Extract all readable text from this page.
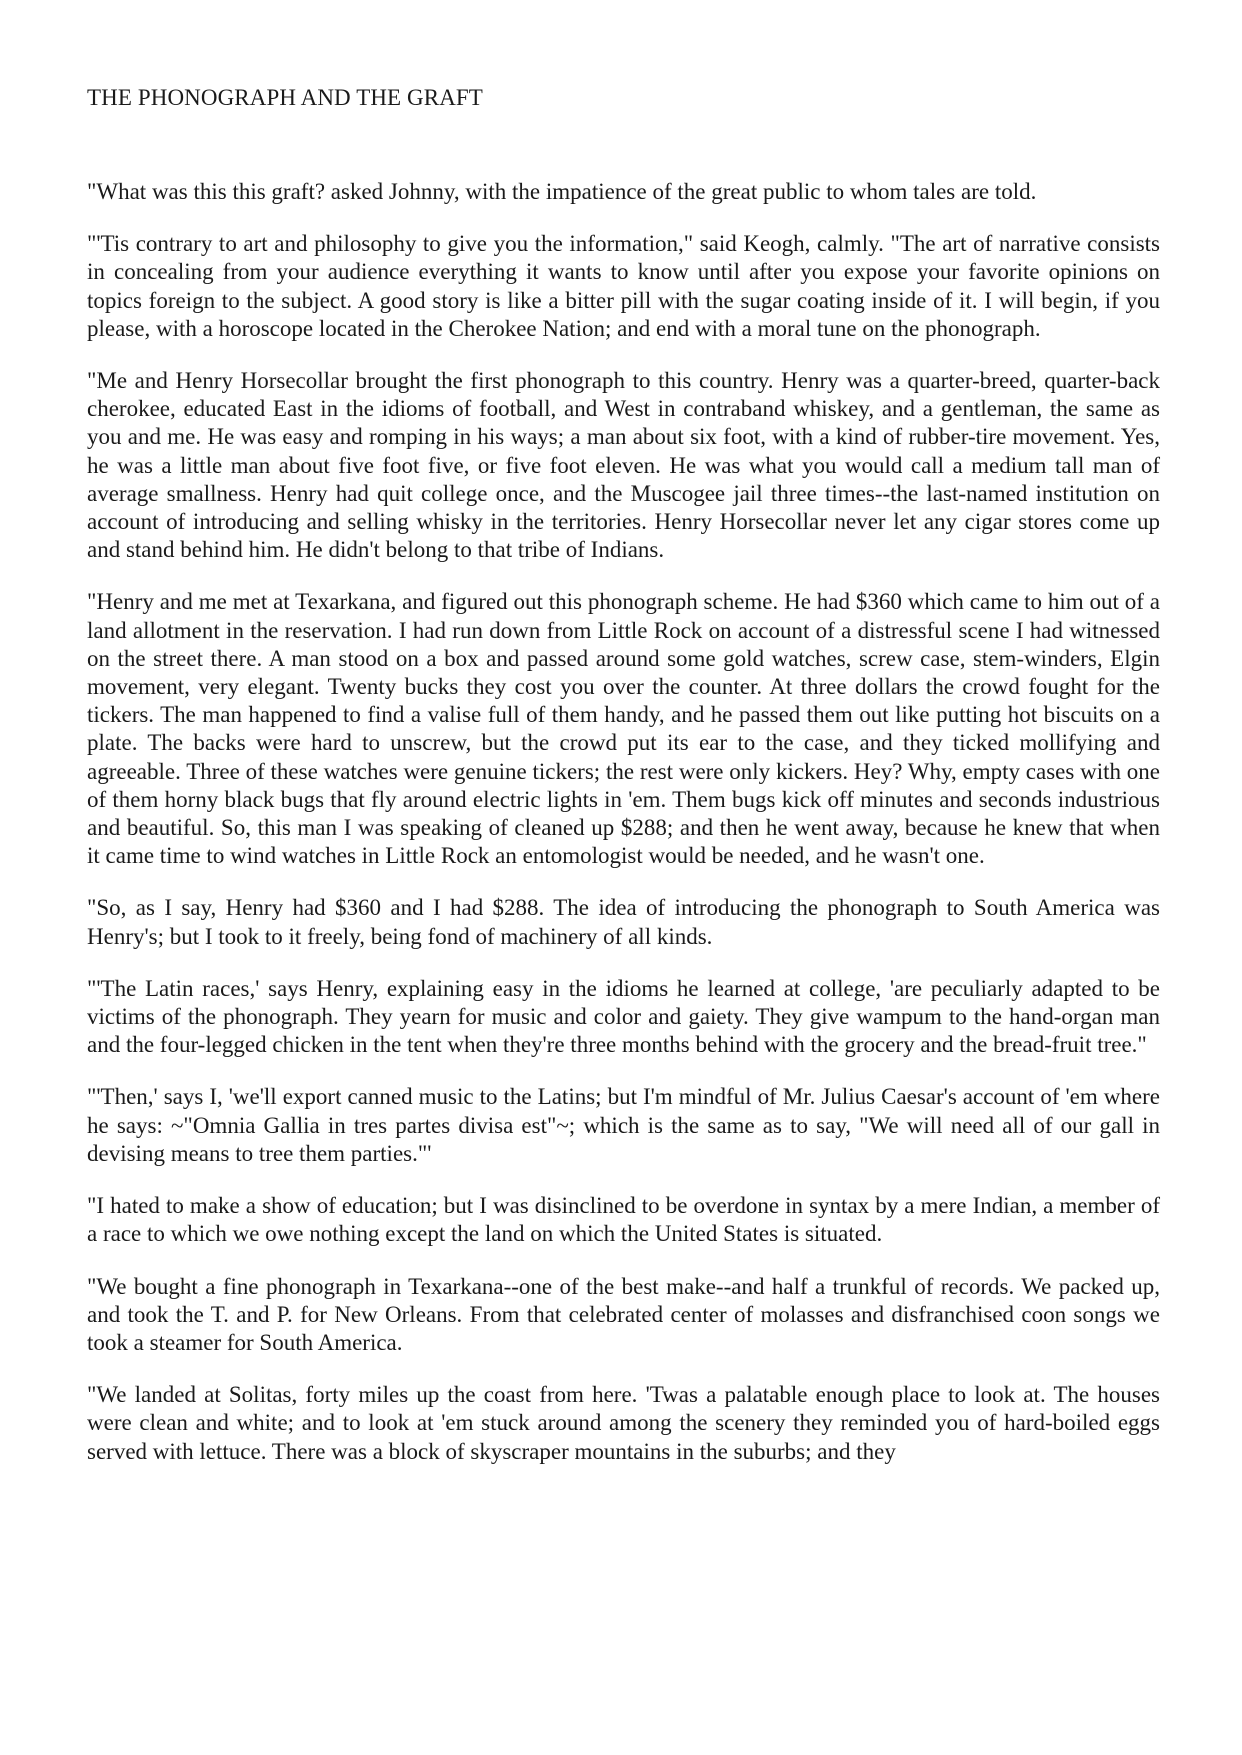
THE PHONOGRAPH AND THE GRAFT

"What was this this graft? asked Johnny, with the impatience of the great public to whom tales are told.

"'Tis contrary to art and philosophy to give you the information," said Keogh, calmly. "The art of narrative consists in concealing from your audience everything it wants to know until after you expose your favorite opinions on topics foreign to the subject. A good story is like a bitter pill with the sugar coating inside of it. I will begin, if you please, with a horoscope located in the Cherokee Nation; and end with a moral tune on the phonograph.

"Me and Henry Horsecollar brought the first phonograph to this country. Henry was a quarter-breed, quarter-back cherokee, educated East in the idioms of football, and West in contraband whiskey, and a gentleman, the same as you and me. He was easy and romping in his ways; a man about six foot, with a kind of rubber-tire movement. Yes, he was a little man about five foot five, or five foot eleven. He was what you would call a medium tall man of average smallness. Henry had quit college once, and the Muscogee jail three times--the last-named institution on account of introducing and selling whisky in the territories. Henry Horsecollar never let any cigar stores come up and stand behind him. He didn't belong to that tribe of Indians.

"Henry and me met at Texarkana, and figured out this phonograph scheme. He had $360 which came to him out of a land allotment in the reservation. I had run down from Little Rock on account of a distressful scene I had witnessed on the street there. A man stood on a box and passed around some gold watches, screw case, stem-winders, Elgin movement, very elegant. Twenty bucks they cost you over the counter. At three dollars the crowd fought for the tickers. The man happened to find a valise full of them handy, and he passed them out like putting hot biscuits on a plate. The backs were hard to unscrew, but the crowd put its ear to the case, and they ticked mollifying and agreeable. Three of these watches were genuine tickers; the rest were only kickers. Hey? Why, empty cases with one of them horny black bugs that fly around electric lights in 'em. Them bugs kick off minutes and seconds industrious and beautiful. So, this man I was speaking of cleaned up $288; and then he went away, because he knew that when it came time to wind watches in Little Rock an entomologist would be needed, and he wasn't one.

"So, as I say, Henry had $360 and I had $288. The idea of introducing the phonograph to South America was Henry's; but I took to it freely, being fond of machinery of all kinds.

"'The Latin races,' says Henry, explaining easy in the idioms he learned at college, 'are peculiarly adapted to be victims of the phonograph. They yearn for music and color and gaiety. They give wampum to the hand-organ man and the four-legged chicken in the tent when they're three months behind with the grocery and the bread-fruit tree."

"'Then,' says I, 'we'll export canned music to the Latins; but I'm mindful of Mr. Julius Caesar's account of 'em where he says: ~"Omnia Gallia in tres partes divisa est"~; which is the same as to say, "We will need all of our gall in devising means to tree them parties."'

"I hated to make a show of education; but I was disinclined to be overdone in syntax by a mere Indian, a member of a race to which we owe nothing except the land on which the United States is situated.

"We bought a fine phonograph in Texarkana--one of the best make--and half a trunkful of records. We packed up, and took the T. and P. for New Orleans. From that celebrated center of molasses and disfranchised coon songs we took a steamer for South America.

"We landed at Solitas, forty miles up the coast from here. 'Twas a palatable enough place to look at. The houses were clean and white; and to look at 'em stuck around among the scenery they reminded you of hard-boiled eggs served with lettuce. There was a block of skyscraper mountains in the suburbs; and they
